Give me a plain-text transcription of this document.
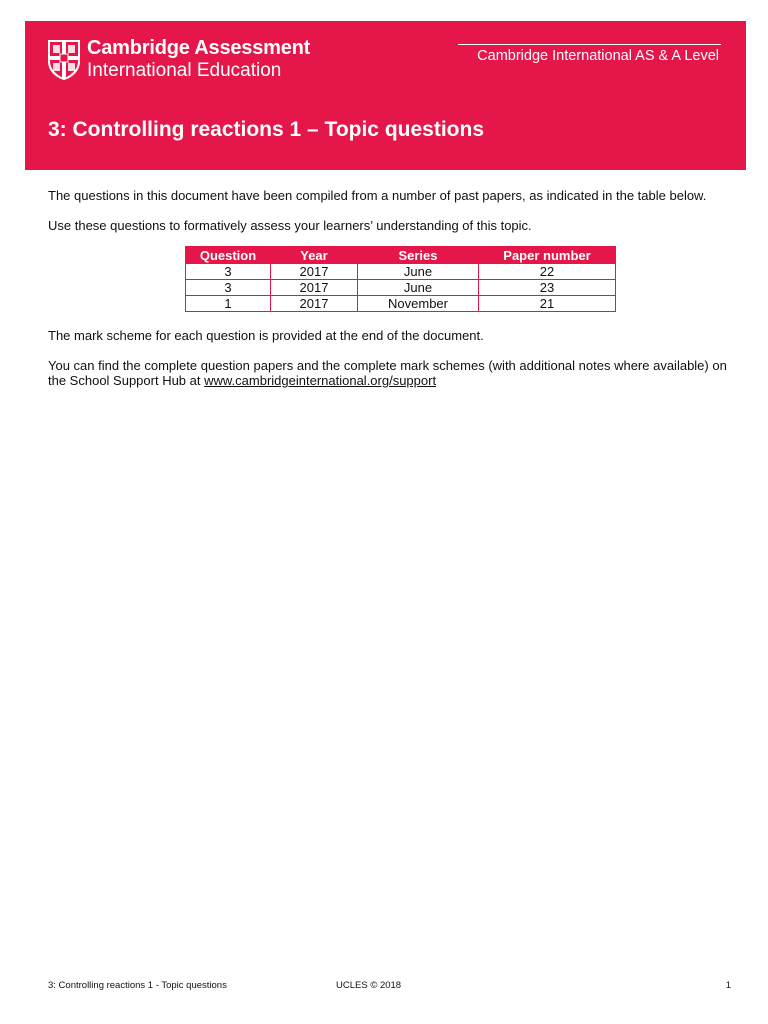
Cambridge Assessment
International Education
Cambridge International AS & A Level
3: Controlling reactions 1 – Topic questions

The questions in this document have been compiled from a number of past papers, as indicated in the table below.

Use these questions to formatively assess your learners’ understanding of this topic.

Question	Year	Series	Paper number
3	2017	June	22
3	2017	June	23
1	2017	November	21

The mark scheme for each question is provided at the end of the document.

You can find the complete question papers and the complete mark schemes (with additional notes where available) on the School Support Hub at www.cambridgeinternational.org/support

3: Controlling reactions 1 - Topic questions	UCLES © 2018	1
